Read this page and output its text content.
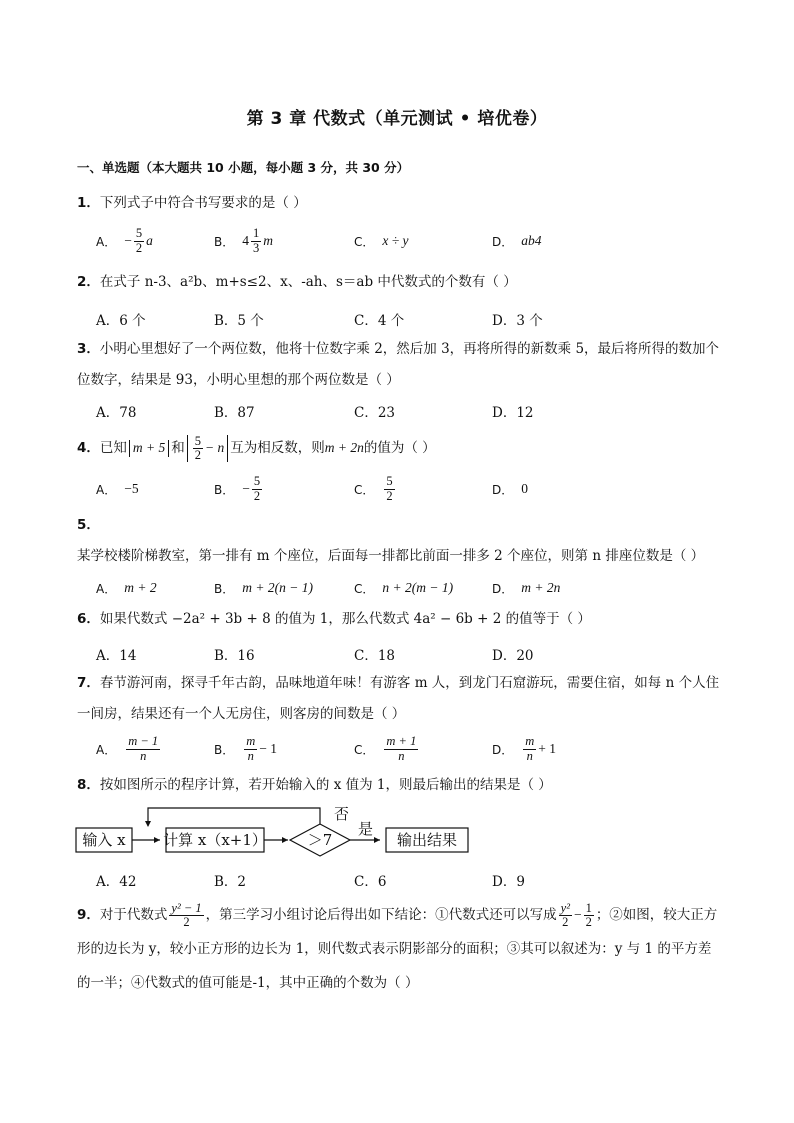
第 3 章 代数式（单元测试 • 培优卷）
一、单选题（本大题共 10 小题，每小题 3 分，共 30 分）
1．下列式子中符合书写要求的是（ ）
A． − $\frac{5}{2}$ a	B． $4 \frac{1}{3}$ m	C． x ÷ y	D． ab4
2．在式子 n-3、a²b、m+s≤2、x、-ah、s＝ab 中代数式的个数有（ ）
A．6 个	B．5 个	C．4 个	D．3 个
3．小明心里想好了一个两位数，他将十位数字乘 2，然后加 3，再将所得的新数乘 5，最后将所得的数加个位数字，结果是 93，小明心里想的那个两位数是（ ）
A．78	B．87	C．23	D．12
4．已知 m + 5 和 $\frac{5}{2} - n$ 互为相反数，则m + 2n的值为（ ）
A． −5	B． − $\frac{5}{2}$	C． $\frac{5}{2}$	D． 0
5．某学校楼阶梯教室，第一排有 m 个座位，后面每一排都比前面一排多 2 个座位，则第 n 排座位数是（ ）
A． m + 2	B． m + 2(n − 1)	C． n + 2(m − 1)	D． m + 2n
6．如果代数式 −2a² + 3b + 8 的值为 1，那么代数式 4a² − 6b + 2 的值等于（ ）
A．14	B．16	C．18	D．20
7．春节游河南，探寻千年古韵，品味地道年味！有游客 m 人，到龙门石窟游玩，需要住宿，如每 n 个人住一间房，结果还有一个人无房住，则客房的间数是（ ）
A． $\frac{m - 1}{n}$	B． $\frac{m}{n} - 1$	C． $\frac{m + 1}{n}$	D． $\frac{m}{n} + 1$
8．按如图所示的程序计算，若开始输入的 x 值为 1，则最后输出的结果是（ ）
输入 x 计算 x（x+1）	＞7
否
是
输出结果
A．42	B．2	C．6	D．9
9．对于代数式 $\frac{\text{y² − 1}}{2}$ ，第三学习小组讨论后得出如下结论：①代数式还可以写成 $\frac{\text{y²}}{2} - \frac{1}{2}$ ；②如图，较大正方形的边长为 y，较小正方形的边长为 1，则代数式表示阴影部分的面积；③其可以叙述为：y 与 1 的平方差的一半；④代数式的值可能是-1，其中正确的个数为（ ）
